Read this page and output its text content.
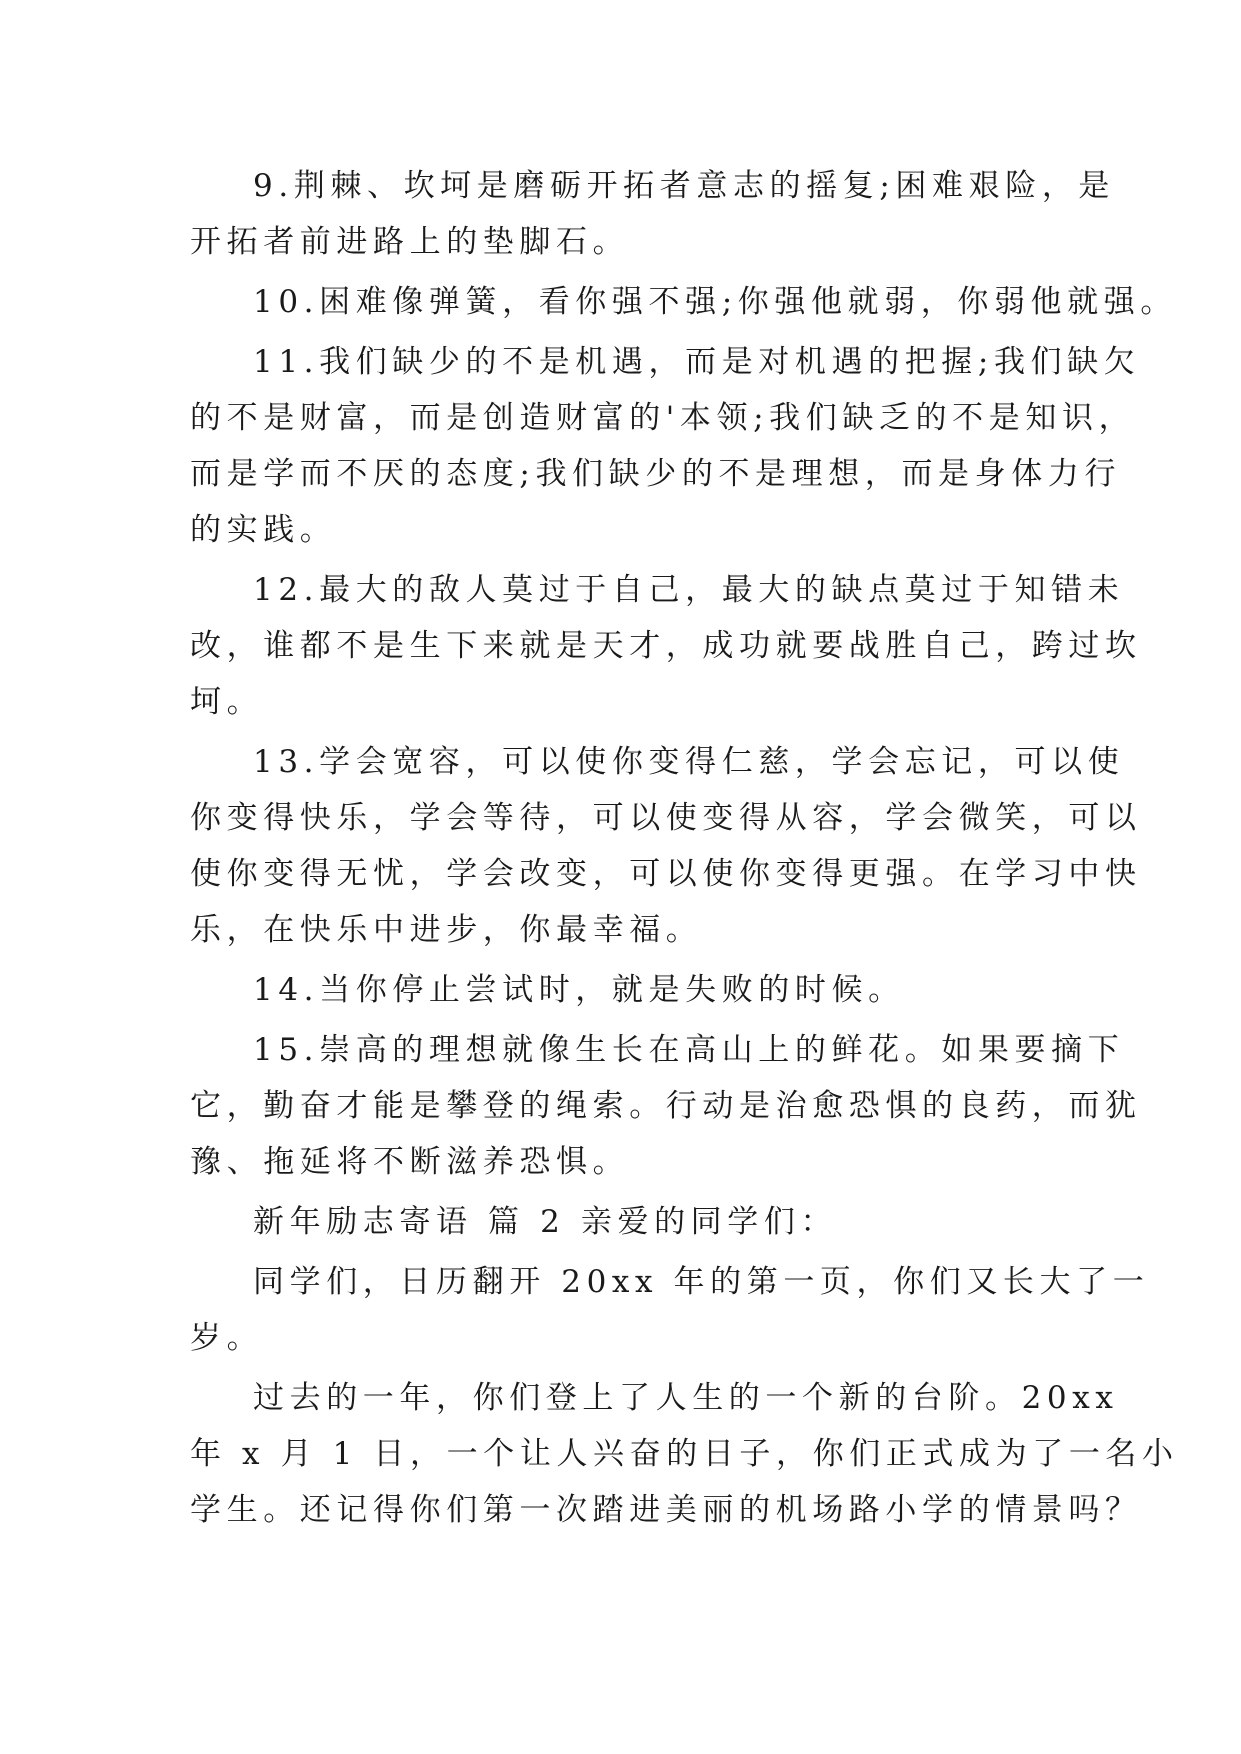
9.荆棘、坎坷是磨砺开拓者意志的摇复;困难艰险，是
开拓者前进路上的垫脚石。
10.困难像弹簧，看你强不强;你强他就弱，你弱他就强。
11.我们缺少的不是机遇，而是对机遇的把握;我们缺欠
的不是财富，而是创造财富的'本领;我们缺乏的不是知识，
而是学而不厌的态度;我们缺少的不是理想，而是身体力行
的实践。
12.最大的敌人莫过于自己，最大的缺点莫过于知错未
改，谁都不是生下来就是天才，成功就要战胜自己，跨过坎
坷。
13.学会宽容，可以使你变得仁慈，学会忘记，可以使
你变得快乐，学会等待，可以使变得从容，学会微笑，可以
使你变得无忧，学会改变，可以使你变得更强。在学习中快
乐，在快乐中进步，你最幸福。
14.当你停止尝试时，就是失败的时候。
15.崇高的理想就像生长在高山上的鲜花。如果要摘下
它，勤奋才能是攀登的绳索。行动是治愈恐惧的良药，而犹
豫、拖延将不断滋养恐惧。
新年励志寄语 篇 2 亲爱的同学们：
同学们，日历翻开 20xx 年的第一页，你们又长大了一
岁。
过去的一年，你们登上了人生的一个新的台阶。20xx
年 x 月 1 日，一个让人兴奋的日子，你们正式成为了一名小
学生。还记得你们第一次踏进美丽的机场路小学的情景吗？
